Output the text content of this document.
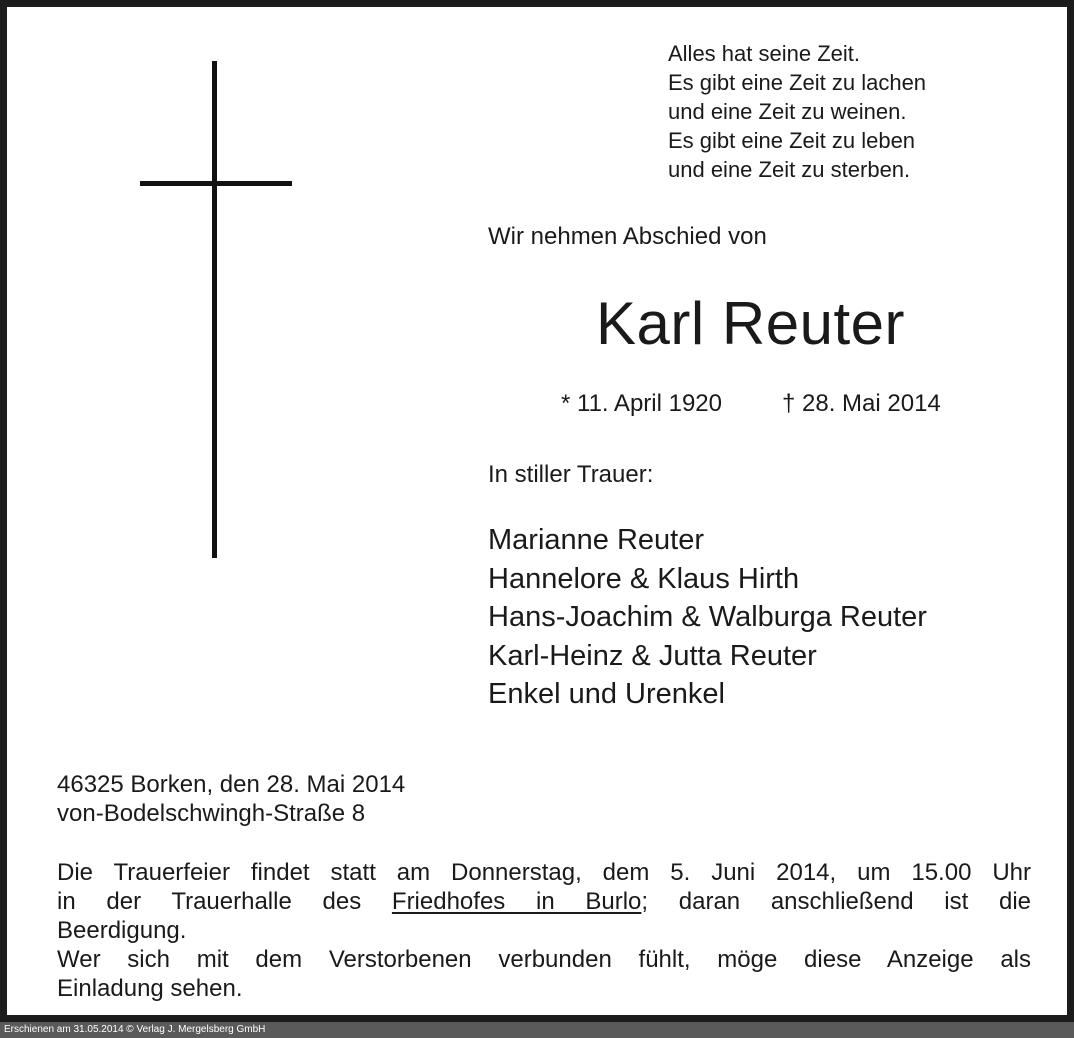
Alles hat seine Zeit.
Es gibt eine Zeit zu lachen
und eine Zeit zu weinen.
Es gibt eine Zeit zu leben
und eine Zeit zu sterben.
Wir nehmen Abschied von
Karl Reuter
* 11. April 1920 † 28. Mai 2014
In stiller Trauer:
Marianne Reuter
Hannelore & Klaus Hirth
Hans-Joachim & Walburga Reuter
Karl-Heinz & Jutta Reuter
Enkel und Urenkel
46325 Borken, den 28. Mai 2014
von-Bodelschwingh-Straße 8
Die Trauerfeier findet statt am Donnerstag, dem 5. Juni 2014, um 15.00 Uhr
in der Trauerhalle des Friedhofes in Burlo; daran anschließend ist die
Beerdigung.
Wer sich mit dem Verstorbenen verbunden fühlt, möge diese Anzeige als
Einladung sehen.
Erschienen am 31.05.2014 © Verlag J. Mergelsberg GmbH
